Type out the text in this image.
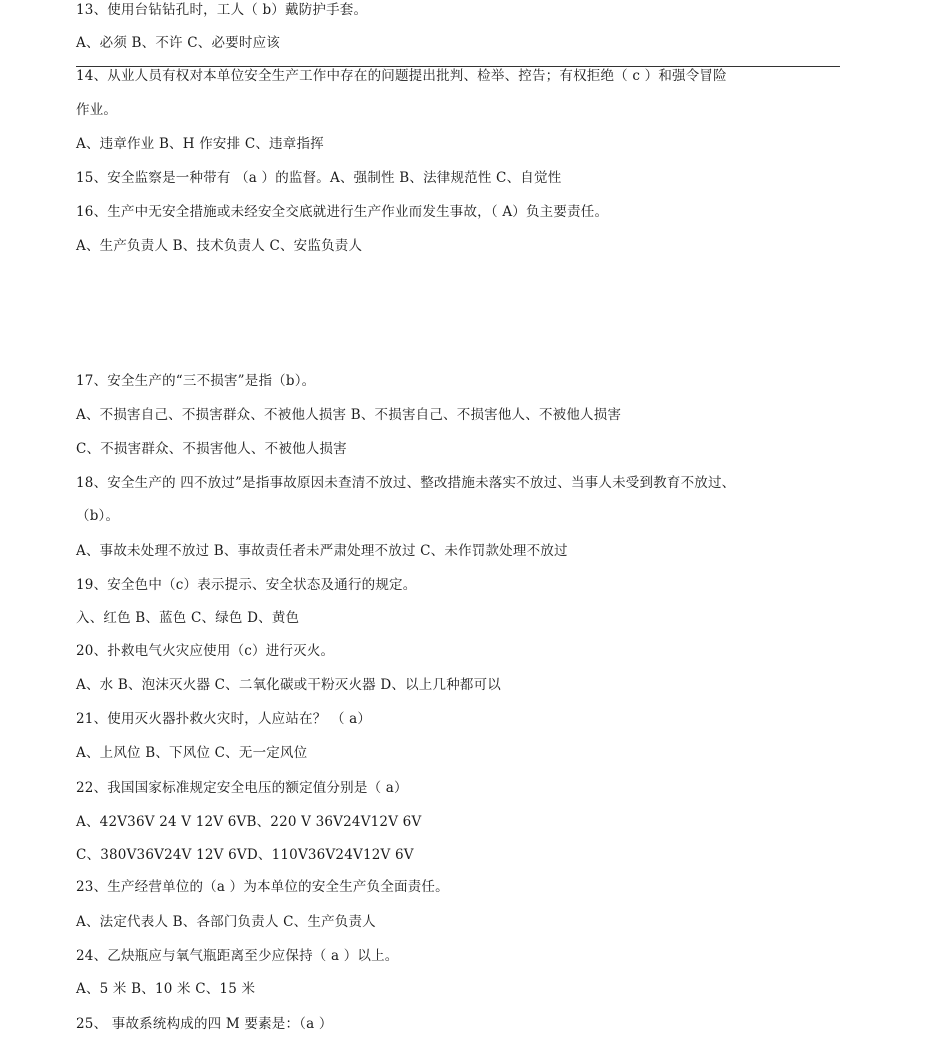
13、使用台钻钻孔时，工人（ b）戴防护手套。

A、必须 B、不许 C、必要时应该

14、从业人员有权对本单位安全生产工作中存在的问题提出批判、检举、控告；有权拒绝（ c ）和强令冒险

作业。

A、违章作业 B、H 作安排 C、违章指挥

15、安全监察是一种带有 （a ）的监督。A、强制性 B、法律规范性 C、自觉性

16、生产中无安全措施或未经安全交底就进行生产作业而发生事故，（ A）负主要责任。

A、生产负责人 B、技术负责人 C、安监负责人

17、安全生产的“三不损害”是指（b）。

A、不损害自己、不损害群众、不被他人损害 B、不损害自己、不损害他人、不被他人损害

C、不损害群众、不损害他人、不被他人损害

18、安全生产的 四不放过”是指事故原因未查清不放过、整改措施未落实不放过、当事人未受到教育不放过、

（b）。

A、事故未处理不放过 B、事故责任者未严肃处理不放过 C、未作罚款处理不放过

19、安全色中（c）表示提示、安全状态及通行的规定。

入、红色 B、蓝色 C、绿色 D、黄色

20、扑救电气火灾应使用（c）进行灭火。

A、水 B、泡沫灭火器 C、二氧化碳或干粉灭火器 D、以上几种都可以

21、使用灭火器扑救火灾时，人应站在？ （ a）

A、上风位 B、下风位 C、无一定风位

22、我国国家标准规定安全电压的额定值分别是（ a）

A、42V36V 24 V 12V 6VB、220 V 36V24V12V 6V

C、380V36V24V 12V 6VD、110V36V24V12V 6V

23、生产经营单位的（a ）为本单位的安全生产负全面责任。

A、法定代表人 B、各部门负责人 C、生产负责人

24、乙炔瓶应与氧气瓶距离至少应保持（ a ）以上。

A、5 米 B、10 米 C、15 米

25、 事故系统构成的四 M 要素是：（a ）
